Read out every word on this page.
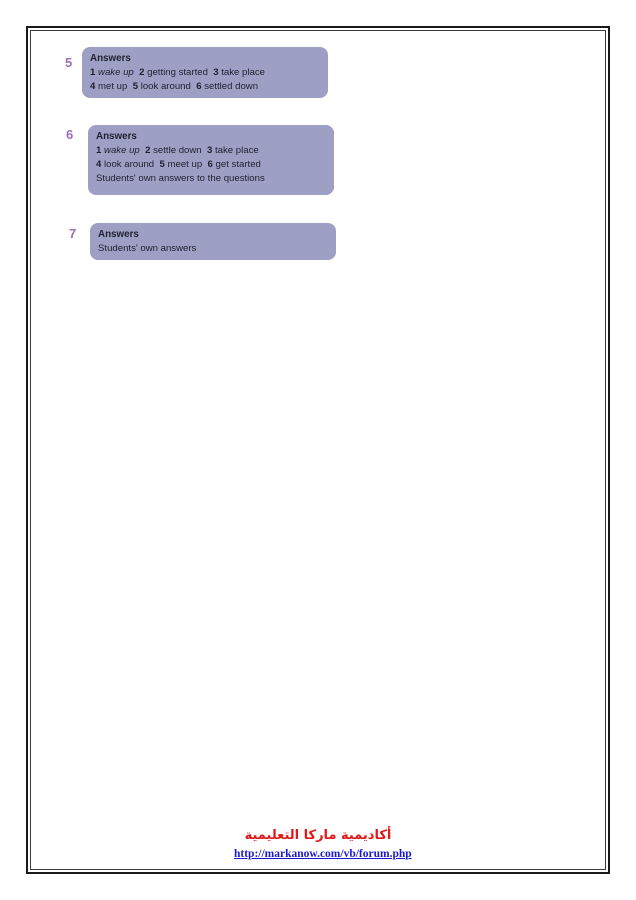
5 Answers
1 wake up 2 getting started 3 take place
4 met up 5 look around 6 settled down
6 Answers
1 wake up 2 settle down 3 take place
4 look around 5 meet up 6 get started
Students' own answers to the questions
7 Answers
Students' own answers
أكاديمية ماركا التعليمية
http://markanow.com/vb/forum.php
